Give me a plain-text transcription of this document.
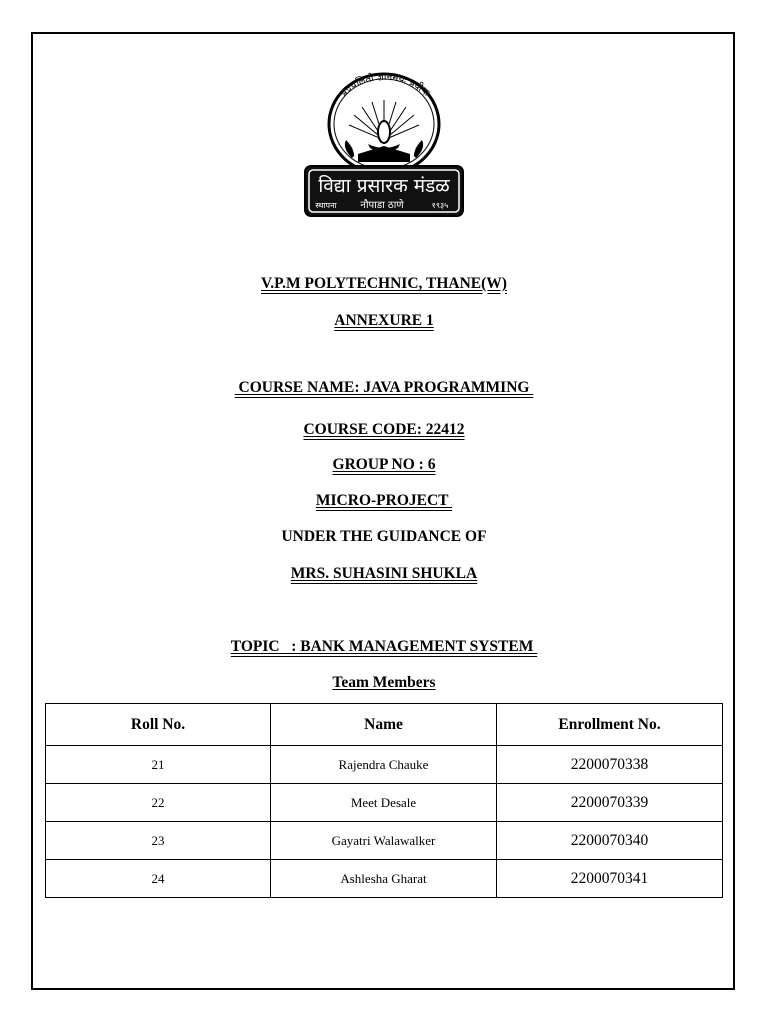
प्रज्वलितो ज्ञानमयः प्रदीपः
विद्या प्रसारक मंडळ
स्थापना नौपाडा ठाणे	१९३५
V.P.M POLYTECHNIC, THANE(W)
ANNEXURE 1
COURSE NAME: JAVA PROGRAMMING
COURSE CODE: 22412
GROUP NO : 6
MICRO-PROJECT
UNDER THE GUIDANCE OF
MRS. SUHASINI SHUKLA
TOPIC   : BANK MANAGEMENT SYSTEM
Team Members
Roll No.	Name	Enrollment No.
21	Rajendra Chauke	2200070338
22	Meet Desale	2200070339
23	Gayatri Walawalker	2200070340
24	Ashlesha Gharat	2200070341
